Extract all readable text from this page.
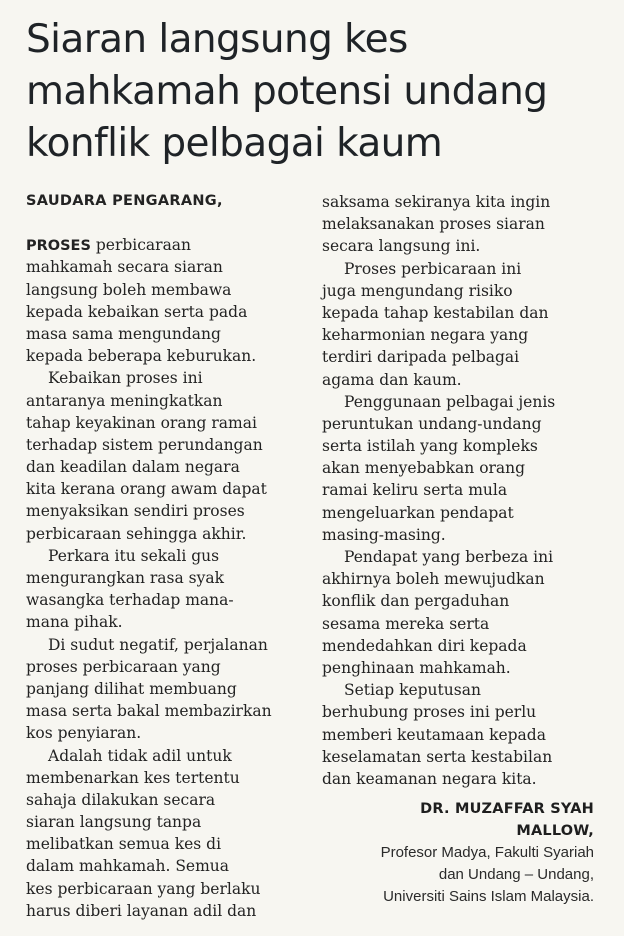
Siaran langsung kes
mahkamah potensi undang
konflik pelbagai kaum
SAUDARA PENGARANG,
PROSES perbicaraan
mahkamah secara siaran
langsung boleh membawa
kepada kebaikan serta pada
masa sama mengundang
kepada beberapa keburukan.
Kebaikan proses ini
antaranya meningkatkan
tahap keyakinan orang ramai
terhadap sistem perundangan
dan keadilan dalam negara
kita kerana orang awam dapat
menyaksikan sendiri proses
perbicaraan sehingga akhir.
Perkara itu sekali gus
mengurangkan rasa syak
wasangka terhadap mana-
mana pihak.
Di sudut negatif, perjalanan
proses perbicaraan yang
panjang dilihat membuang
masa serta bakal membazirkan
kos penyiaran.
Adalah tidak adil untuk
membenarkan kes tertentu
sahaja dilakukan secara
siaran langsung tanpa
melibatkan semua kes di
dalam mahkamah. Semua
kes perbicaraan yang berlaku
harus diberi layanan adil dan
saksama sekiranya kita ingin
melaksanakan proses siaran
secara langsung ini.
Proses perbicaraan ini
juga mengundang risiko
kepada tahap kestabilan dan
keharmonian negara yang
terdiri daripada pelbagai
agama dan kaum.
Penggunaan pelbagai jenis
peruntukan undang-undang
serta istilah yang kompleks
akan menyebabkan orang
ramai keliru serta mula
mengeluarkan pendapat
masing-masing.
Pendapat yang berbeza ini
akhirnya boleh mewujudkan
konflik dan pergaduhan
sesama mereka serta
mendedahkan diri kepada
penghinaan mahkamah.
Setiap keputusan
berhubung proses ini perlu
memberi keutamaan kepada
keselamatan serta kestabilan
dan keamanan negara kita.
DR. MUZAFFAR SYAH
MALLOW,
Profesor Madya, Fakulti Syariah
dan Undang – Undang,
Universiti Sains Islam Malaysia.
